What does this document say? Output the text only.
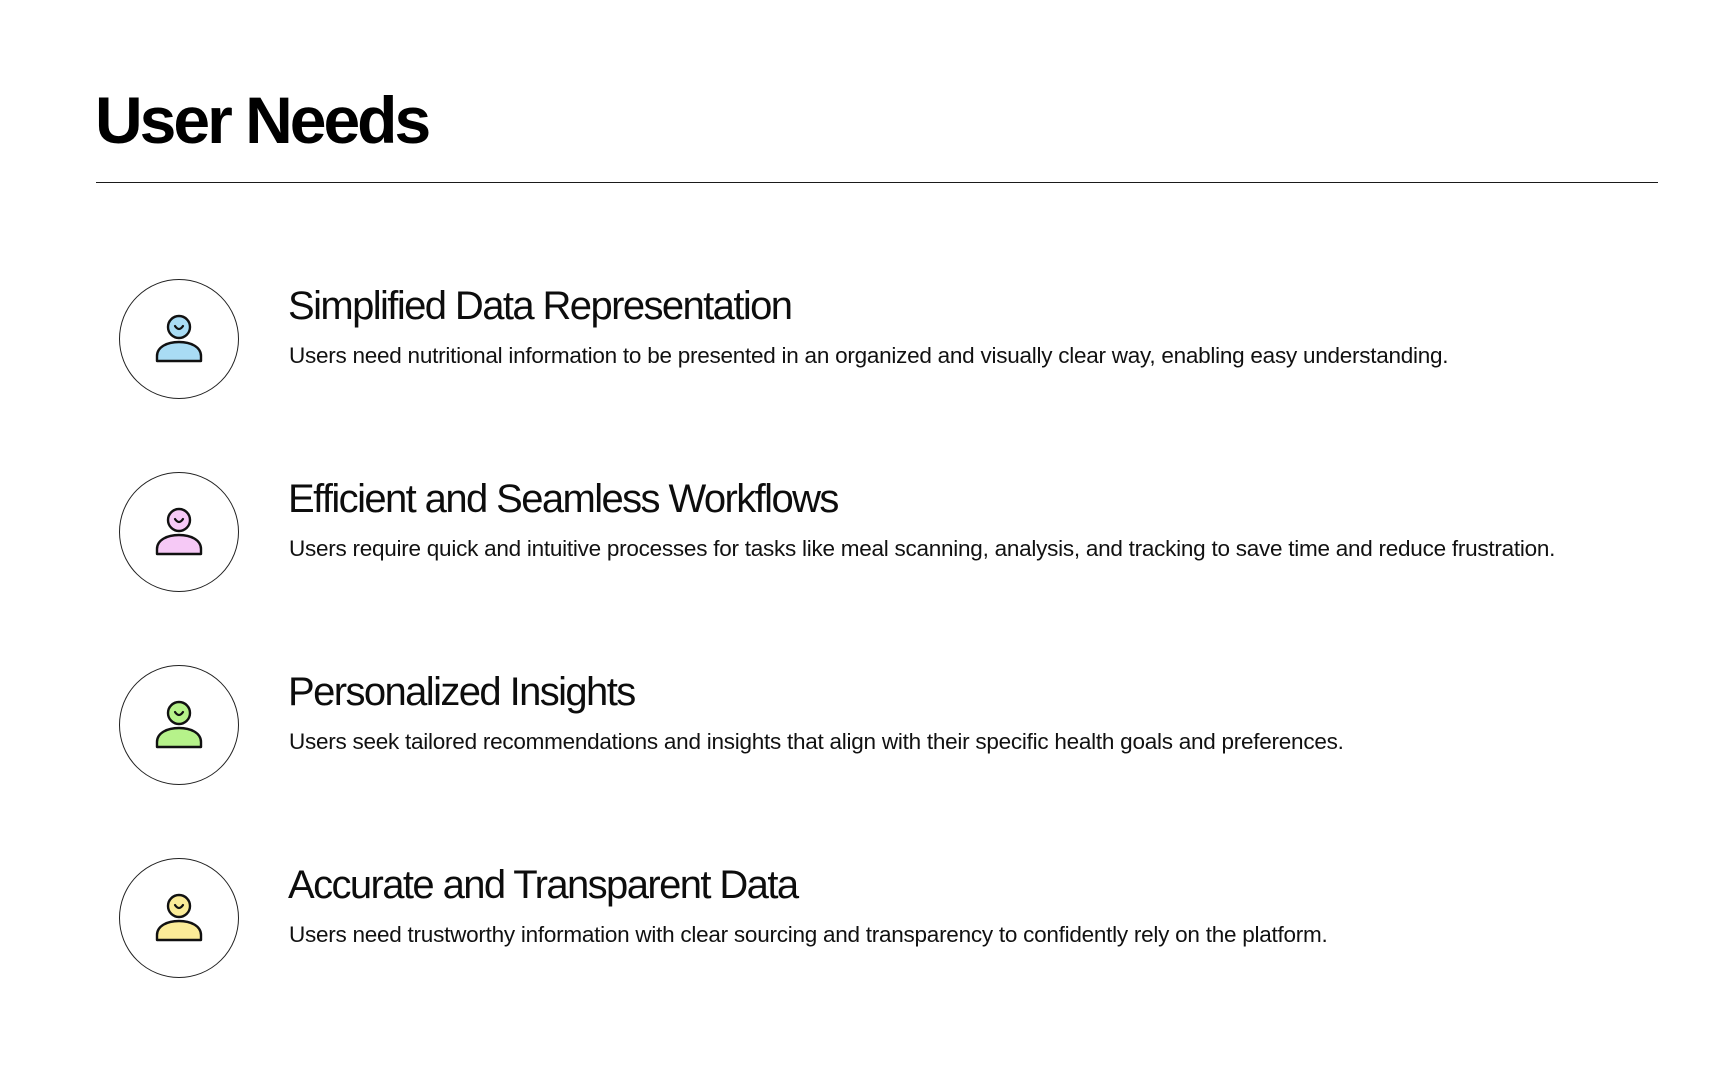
User Needs
Simplified Data Representation

Users need nutritional information to be presented in an organized and visually clear way, enabling easy understanding.

Efficient and Seamless Workflows

Users require quick and intuitive processes for tasks like meal scanning, analysis, and tracking to save time and reduce frustration.

Personalized Insights

Users seek tailored recommendations and insights that align with their specific health goals and preferences.

Accurate and Transparent Data

Users need trustworthy information with clear sourcing and transparency to confidently rely on the platform.
